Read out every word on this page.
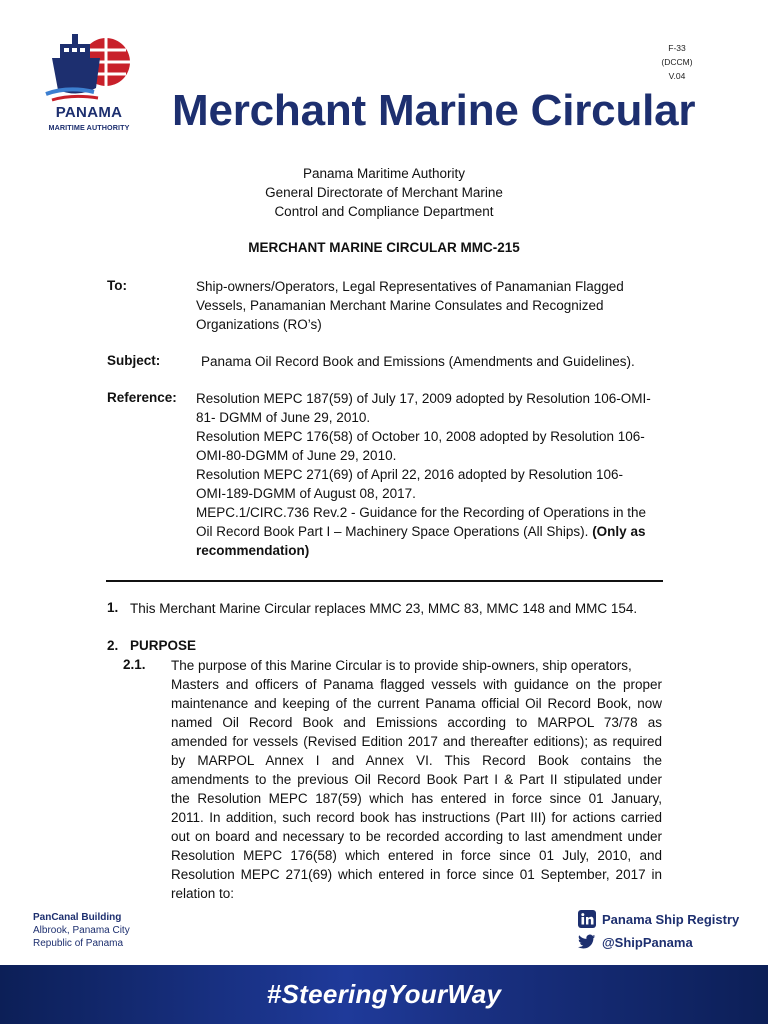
PANAMA
MARITIME AUTHORITY
F-33
(DCCM)
V.04
Merchant Marine Circular
Panama Maritime Authority
General Directorate of Merchant Marine
Control and Compliance Department
MERCHANT MARINE CIRCULAR MMC-215
To:	Ship-owners/Operators, Legal Representatives of Panamanian Flagged
Vessels, Panamanian Merchant Marine Consulates and Recognized
Organizations (RO’s)
Subject:	Panama Oil Record Book and Emissions (Amendments and Guidelines).
Reference: Resolution MEPC 187(59) of July 17, 2009 adopted by Resolution 106-OMI-
81- DGMM of June 29, 2010.
Resolution MEPC 176(58) of October 10, 2008 adopted by Resolution 106-
OMI-80-DGMM of June 29, 2010.
Resolution MEPC 271(69) of April 22, 2016 adopted by Resolution 106-
OMI-189-DGMM of August 08, 2017.
MEPC.1/CIRC.736 Rev.2 - Guidance for the Recording of Operations in the
Oil Record Book Part I – Machinery Space Operations (All Ships). (Only as
recommendation)
1. This Merchant Marine Circular replaces MMC 23, MMC 83, MMC 148 and MMC 154.
2. PURPOSE
2.1. The purpose of this Marine Circular is to provide ship-owners, ship operators,
Masters and officers of Panama flagged vessels with guidance on the proper
maintenance and keeping of the current Panama official Oil Record Book, now
named Oil Record Book and Emissions according to MARPOL 73/78 as
amended for vessels (Revised Edition 2017 and thereafter editions); as required
by MARPOL Annex I and Annex VI. This Record Book contains the
amendments to the previous Oil Record Book Part I & Part II stipulated under
the Resolution MEPC 187(59) which has entered in force since 01 January,
2011. In addition, such record book has instructions (Part III) for actions carried
out on board and necessary to be recorded according to last amendment under
Resolution MEPC 176(58) which entered in force since 01 July, 2010, and
Resolution MEPC 271(69) which entered in force since 01 September, 2017 in
relation to:
PanCanal Building
Albrook, Panama City
Republic of Panama
Panama Ship Registry
@ShipPanama
#SteeringYourWay
